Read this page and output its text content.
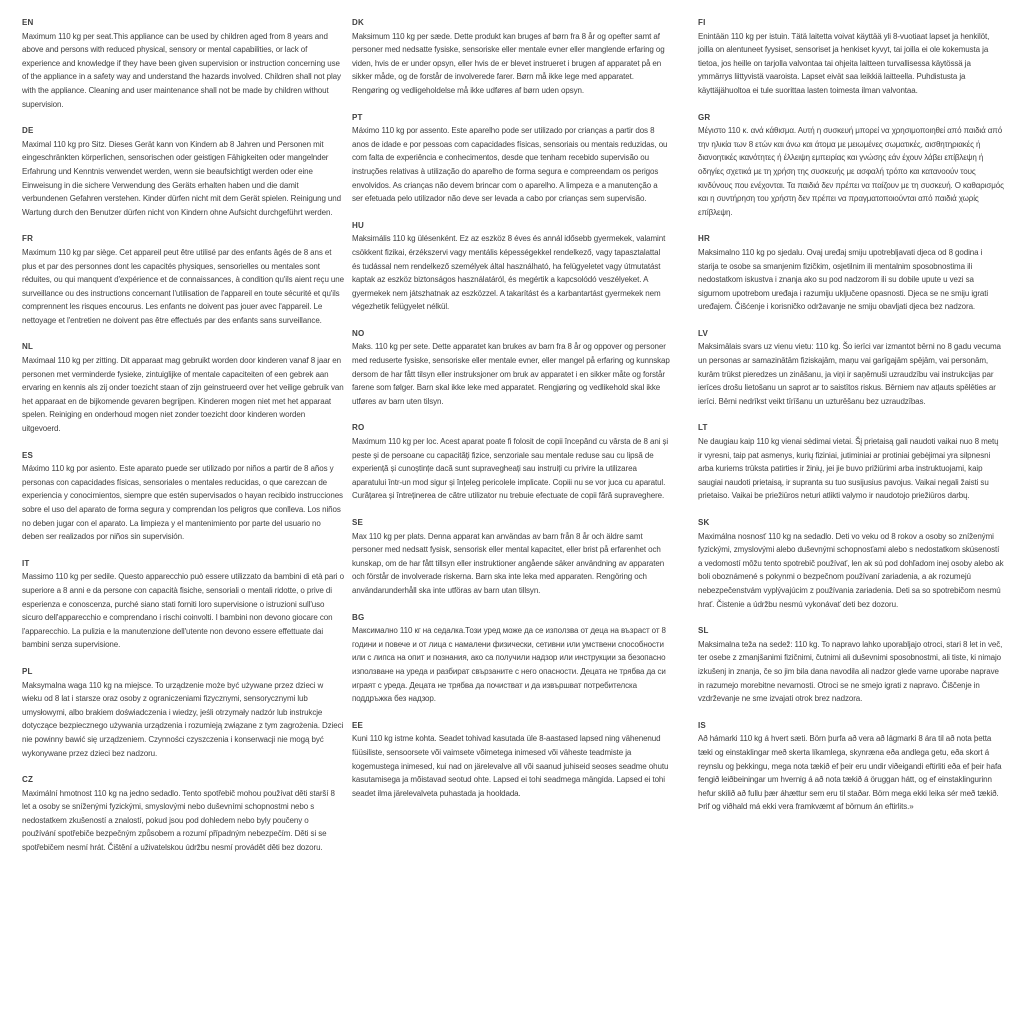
EN
Maximum 110 kg per seat.This appliance can be used by children aged from 8 years and above and persons with reduced physical, sensory or mental capabilities, or lack of experience and knowledge if they have been given supervision or instruction concerning use of the appliance in a safety way and understand the hazards involved. Children shall not play with the appliance. Cleaning and user maintenance shall not be made by children without supervision.
DE
Maximal 110 kg pro Sitz. Dieses Gerät kann von Kindern ab 8 Jahren und Personen mit eingeschränkten körperlichen, sensorischen oder geistigen Fähigkeiten oder mangelnder Erfahrung und Kenntnis verwendet werden, wenn sie beaufsichtigt werden oder eine Einweisung in die sichere Verwendung des Geräts erhalten haben und die damit verbundenen Gefahren verstehen. Kinder dürfen nicht mit dem Gerät spielen. Reinigung und Wartung durch den Benutzer dürfen nicht von Kindern ohne Aufsicht durchgeführt werden.
FR
Maximum 110 kg par siège. Cet appareil peut être utilisé par des enfants âgés de 8 ans et plus et par des personnes dont les capacités physiques, sensorielles ou mentales sont réduites, ou qui manquent d'expérience et de connaissances, à condition qu'ils aient reçu une surveillance ou des instructions concernant l'utilisation de l'appareil en toute sécurité et qu'ils comprennent les risques encourus. Les enfants ne doivent pas jouer avec l'appareil. Le nettoyage et l'entretien ne doivent pas être effectués par des enfants sans surveillance.
NL
Maximaal 110 kg per zitting. Dit apparaat mag gebruikt worden door kinderen vanaf 8 jaar en personen met verminderde fysieke, zintuiglijke of mentale capaciteiten of een gebrek aan ervaring en kennis als zij onder toezicht staan of zijn geinstrueerd over het veilige gebruik van het apparaat en de bijkomende gevaren begrijpen. Kinderen mogen niet met het apparaat spelen. Reiniging en onderhoud mogen niet zonder toezicht door kinderen worden uitgevoerd.
ES
Máximo 110 kg por asiento. Este aparato puede ser utilizado por niños a partir de 8 años y personas con capacidades físicas, sensoriales o mentales reducidas, o que carezcan de experiencia y conocimientos, siempre que estén supervisados o hayan recibido instrucciones sobre el uso del aparato de forma segura y comprendan los peligros que conlleva. Los niños no deben jugar con el aparato. La limpieza y el mantenimiento por parte del usuario no deben ser realizados por niños sin supervisión.
IT
Massimo 110 kg per sedile. Questo apparecchio può essere utilizzato da bambini di età pari o superiore a 8 anni e da persone con capacità fisiche, sensoriali o mentali ridotte, o prive di esperienza e conoscenza, purché siano stati forniti loro supervisione o istruzioni sull'uso sicuro dell'apparecchio e comprendano i rischi coinvolti. I bambini non devono giocare con l'apparecchio. La pulizia e la manutenzione dell'utente non devono essere effettuate dai bambini senza supervisione.
PL
Maksymalna waga 110 kg na miejsce. To urządzenie może być używane przez dzieci w wieku od 8 lat i starsze oraz osoby z ograniczeniami fizycznymi, sensorycznymi lub umysłowymi, albo brakiem doświadczenia i wiedzy, jeśli otrzymały nadzór lub instrukcje dotyczące bezpiecznego używania urządzenia i rozumieją związane z tym zagrożenia. Dzieci nie powinny bawić się urządzeniem. Czynności czyszczenia i konserwacji nie mogą być wykonywane przez dzieci bez nadzoru.
CZ
Maximální hmotnost 110 kg na jedno sedadlo. Tento spotřebič mohou používat děti starší 8 let a osoby se sníženými fyzickými, smyslovými nebo duševními schopnostmi nebo s nedostatkem zkušeností a znalostí, pokud jsou pod dohledem nebo byly poučeny o používání spotřebiče bezpečným způsobem a rozumí případným nebezpečím. Děti si se spotřebičem nesmí hrát. Čištění a uživatelskou údržbu nesmí provádět děti bez dozoru.
DK
Maksimum 110 kg per sæde. Dette produkt kan bruges af børn fra 8 år og opefter samt af personer med nedsatte fysiske, sensoriske eller mentale evner eller manglende erfaring og viden, hvis de er under opsyn, eller hvis de er blevet instrueret i brugen af apparatet på en sikker måde, og de forstår de involverede farer. Børn må ikke lege med apparatet. Rengøring og vedligeholdelse må ikke udføres af børn uden opsyn.
PT
Máximo 110 kg por assento. Este aparelho pode ser utilizado por crianças a partir dos 8 anos de idade e por pessoas com capacidades físicas, sensoriais ou mentais reduzidas, ou com falta de experiência e conhecimentos, desde que tenham recebido supervisão ou instruções relativas à utilização do aparelho de forma segura e compreendam os perigos envolvidos. As crianças não devem brincar com o aparelho. A limpeza e a manutenção a ser efetuada pelo utilizador não deve ser levada a cabo por crianças sem supervisão.
HU
Maksimális 110 kg ülésenként. Ez az eszköz 8 éves és annál idősebb gyermekek, valamint csökkent fizikai, érzékszervi vagy mentális képességekkel rendelkező, vagy tapasztalattal és tudással nem rendelkező személyek által használható, ha felügyeletet vagy útmutatást kaptak az eszköz biztonságos használatáról, és megértik a kapcsolódó veszélyeket. A gyermekek nem játszhatnak az eszközzel. A takarítást és a karbantartást gyermekek nem végezhetik felügyelet nélkül.
NO
Maks. 110 kg per sete. Dette apparatet kan brukes av barn fra 8 år og oppover og personer med reduserte fysiske, sensoriske eller mentale evner, eller mangel på erfaring og kunnskap dersom de har fått tilsyn eller instruksjoner om bruk av apparatet i en sikker måte og forstår farene som følger. Barn skal ikke leke med apparatet. Rengjøring og vedlikehold skal ikke utføres av barn uten tilsyn.
RO
Maximum 110 kg per loc. Acest aparat poate fi folosit de copii începând cu vârsta de 8 ani și peste și de persoane cu capacități fizice, senzoriale sau mentale reduse sau cu lipsă de experiență și cunoștințe dacă sunt supravegheați sau instruiți cu privire la utilizarea aparatului într-un mod sigur și înțeleg pericolele implicate. Copiii nu se vor juca cu aparatul. Curățarea și întreținerea de către utilizator nu trebuie efectuate de copii fără supraveghere.
SE
Max 110 kg per plats. Denna apparat kan användas av barn från 8 år och äldre samt personer med nedsatt fysisk, sensorisk eller mental kapacitet, eller brist på erfarenhet och kunskap, om de har fått tillsyn eller instruktioner angående säker användning av apparaten och förstår de involverade riskerna. Barn ska inte leka med apparaten. Rengöring och användarunderhåll ska inte utföras av barn utan tillsyn.
BG
Максимално 110 кг на седалка.Този уред може да се използва от деца на възраст от 8 години и повече и от лица с намалени физически, сетивни или умствени способности или с липса на опит и познания, ако са получили надзор или инструкции за безопасно използване на уреда и разбират свързаните с него опасности. Децата не трябва да си играят с уреда. Децата не трябва да почистват и да извършват потребителска поддръжка без надзор.
EE
Kuni 110 kg istme kohta. Seadet tohivad kasutada üle 8-aastased lapsed ning vähenenud füüsiliste, sensoorsete või vaimsete võimetega inimesed või väheste teadmiste ja kogemustega inimesed, kui nad on järelevalve all või saanud juhiseid seoses seadme ohutu kasutamisega ja mõistavad seotud ohte. Lapsed ei tohi seadmega mängida. Lapsed ei tohi seadet ilma järelevalveta puhastada ja hooldada.
FI
Enintään 110 kg per istuin. Tätä laitetta voivat käyttää yli 8-vuotiaat lapset ja henkilöt, joilla on alentuneet fyysiset, sensoriset ja henkiset kyvyt, tai joilla ei ole kokemusta ja tietoa, jos heille on tarjolla valvontaa tai ohjeita laitteen turvallisessa käytössä ja ymmärrys liittyvistä vaaroista. Lapset eivät saa leikkiä laitteella. Puhdistusta ja käyttäjähuoltoa ei tule suorittaa lasten toimesta ilman valvontaa.
GR
Μέγιστο 110 κ. ανά κάθισμα. Αυτή η συσκευή μπορεί να χρησιμοποιηθεί από παιδιά από την ηλικία των 8 ετών και άνω και άτομα με μειωμένες σωματικές, αισθητηριακές ή διανοητικές ικανότητες ή έλλειψη εμπειρίας και γνώσης εάν έχουν λάβει επίβλεψη ή οδηγίες σχετικά με τη χρήση της συσκευής με ασφαλή τρόπο και κατανοούν τους κινδύνους που ενέχονται. Τα παιδιά δεν πρέπει να παίζουν με τη συσκευή. Ο καθαρισμός και η συντήρηση του χρήστη δεν πρέπει να πραγματοποιούνται από παιδιά χωρίς επίβλεψη.
HR
Maksimalno 110 kg po sjedalu. Ovaj uređaj smiju upotrebljavati djeca od 8 godina i starija te osobe sa smanjenim fizičkim, osjetilnim ili mentalnim sposobnostima ili nedostatkom iskustva i znanja ako su pod nadzorom ili su dobile upute u vezi sa sigurnom upotrebom uređaja i razumiju uključene opasnosti. Djeca se ne smiju igrati uređajem. Čišćenje i korisničko održavanje ne smiju obavljati djeca bez nadzora.
LV
Maksimālais svars uz vienu vietu: 110 kg. Šo ierīci var izmantot bērni no 8 gadu vecuma un personas ar samazinātām fiziskajām, maņu vai garīgajām spējām, vai personām, kurām trūkst pieredzes un zināšanu, ja viņi ir saņēmuši uzraudzību vai instrukcijas par ierīces drošu lietošanu un saprot ar to saistītos riskus. Bērniem nav atļauts spēlēties ar ierīci. Bērni nedrīkst veikt tīrīšanu un uzturēšanu bez uzraudzības.
LT
Ne daugiau kaip 110 kg vienai sėdimai vietai. Šį prietaisą gali naudoti vaikai nuo 8 metų ir vyresni, taip pat asmenys, kurių fiziniai, jutiminiai ar protiniai gebėjimai yra silpnesni arba kuriems trūksta patirties ir žinių, jei jie buvo prižiūrimi arba instruktuojami, kaip saugiai naudoti prietaisą, ir supranta su tuo susijusius pavojus. Vaikai negali žaisti su prietaiso. Vaikai be priežiūros neturi atlikti valymo ir naudotojo priežiūros darbų.
SK
Maximálna nosnosť 110 kg na sedadlo. Deti vo veku od 8 rokov a osoby so zníženými fyzickými, zmyslovými alebo duševnými schopnosťami alebo s nedostatkom skúseností a vedomostí môžu tento spotrebič používať, len ak sú pod dohľadom inej osoby alebo ak boli oboznámené s pokynmi o bezpečnom používaní zariadenia, a ak rozumejú nebezpečenstvám vyplývajúcim z používania zariadenia. Deti sa so spotrebičom nesmú hrať. Čistenie a údržbu nesmú vykonávať deti bez dozoru.
SL
Maksimalna teža na sedež: 110 kg. To napravo lahko uporabljajo otroci, stari 8 let in več, ter osebe z zmanjšanimi fizičnimi, čutnimi ali duševnimi sposobnostmi, ali tiste, ki nimajo izkušenj in znanja, če so jim bila dana navodila ali nadzor glede varne uporabe naprave in razumejo morebitne nevarnosti. Otroci se ne smejo igrati z napravo. Čiščenje in vzdrževanje ne sme izvajati otrok brez nadzora.
IS
Að hámarki 110 kg á hvert sæti. Börn þurfa að vera að lágmarki 8 ára til að nota þetta tæki og einstaklingar með skerta líkamlega, skynræna eða andlega getu, eða skort á reynslu og þekkingu, mega nota tækið ef þeir eru undir viðeigandi eftirliti eða ef þeir hafa fengið leiðbeiningar um hvernig á að nota tækið á öruggan hátt, og ef einstaklingurinn hefur skilið að fullu þær áhættur sem eru til staðar. Börn mega ekki leika sér með tækið. Þrif og viðhald má ekki vera framkvæmt af börnum án eftirlits.»
